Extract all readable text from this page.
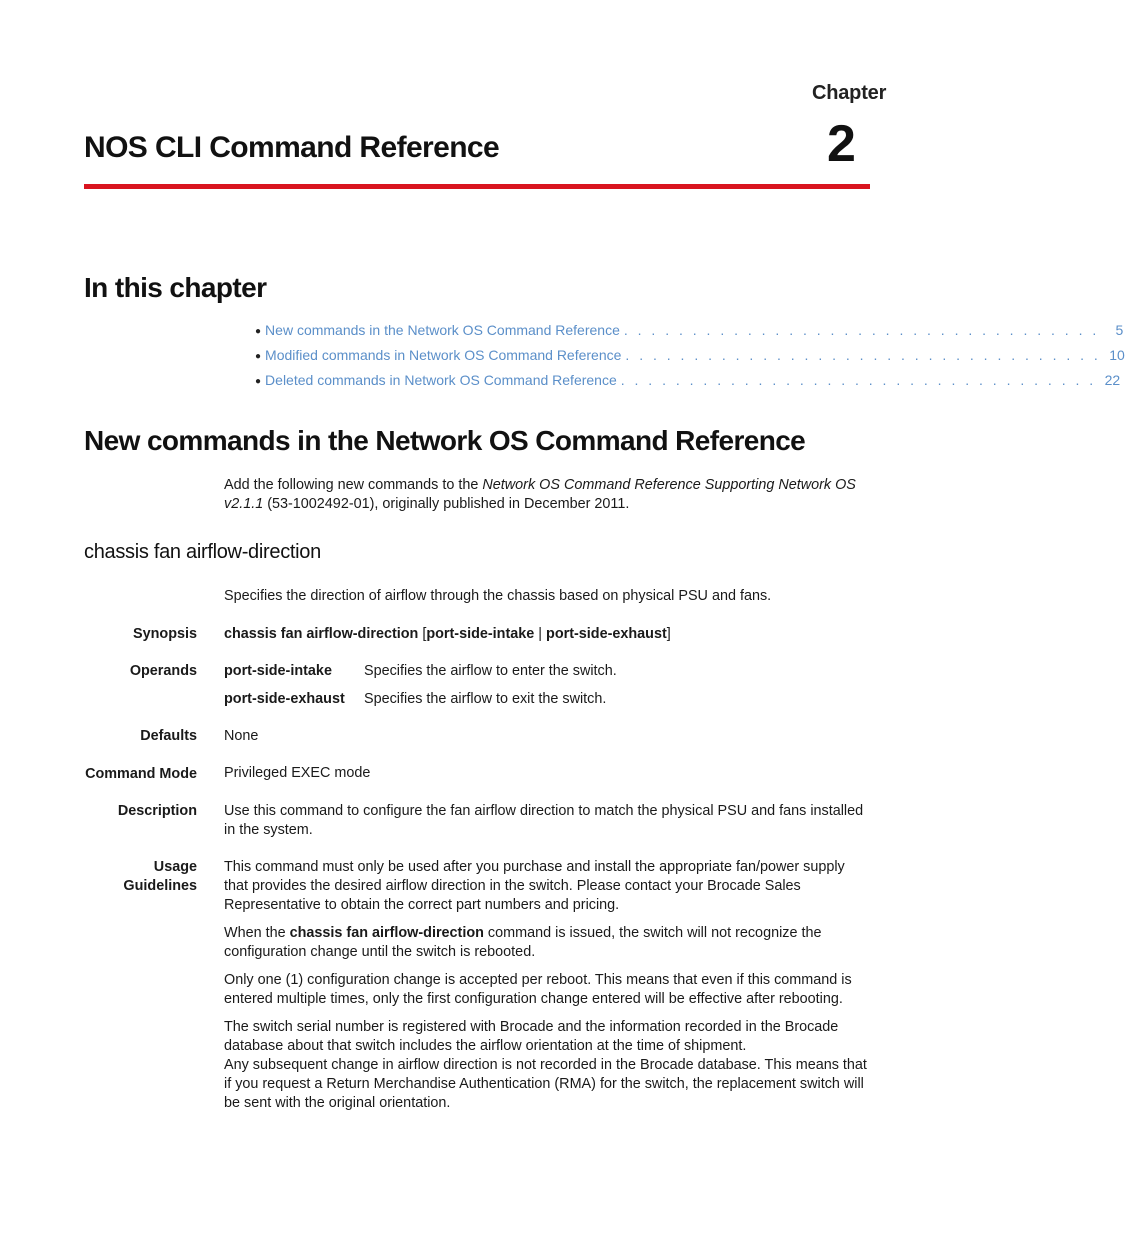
Chapter
2
NOS CLI Command Reference
In this chapter
● New commands in the Network OS Command Reference . . . . . . . . . . . . . . . . . . . . . . . . . . . . . . . . . . .	5
● Modified commands in Network OS Command Reference . . . . . . . . . . . . . . . . . . . . . . . . . . . . . . . . . . . 10
● Deleted commands in Network OS Command Reference . . . . . . . . . . . . . . . . . . . . . . . . . . . . . . . . . . . 22
New commands in the Network OS Command Reference
Add the following new commands to the Network OS Command Reference Supporting Network OS v2.1.1 (53-1002492-01), originally published in December 2011.
chassis fan airflow-direction
Specifies the direction of airflow through the chassis based on physical PSU and fans.
Synopsis chassis fan airflow-direction [port-side-intake | port-side-exhaust]
Operands port-side-intake Specifies the airflow to enter the switch.
port-side-exhaust Specifies the airflow to exit the switch.
Defaults None
Command Mode Privileged EXEC mode
Description Use this command to configure the fan airflow direction to match the physical PSU and fans installed in the system.
Usage
Guidelines

This command must only be used after you purchase and install the appropriate fan/power supply that provides the desired airflow direction in the switch. Please contact your Brocade Sales Representative to obtain the correct part numbers and pricing.

When the chassis fan airflow-direction command is issued, the switch will not recognize the configuration change until the switch is rebooted.

Only one (1) configuration change is accepted per reboot. This means that even if this command is entered multiple times, only the first configuration change entered will be effective after rebooting.

The switch serial number is registered with Brocade and the information recorded in the Brocade database about that switch includes the airflow orientation at the time of shipment.
Any subsequent change in airflow direction is not recorded in the Brocade database. This means that if you request a Return Merchandise Authentication (RMA) for the switch, the replacement switch will be sent with the original orientation.
